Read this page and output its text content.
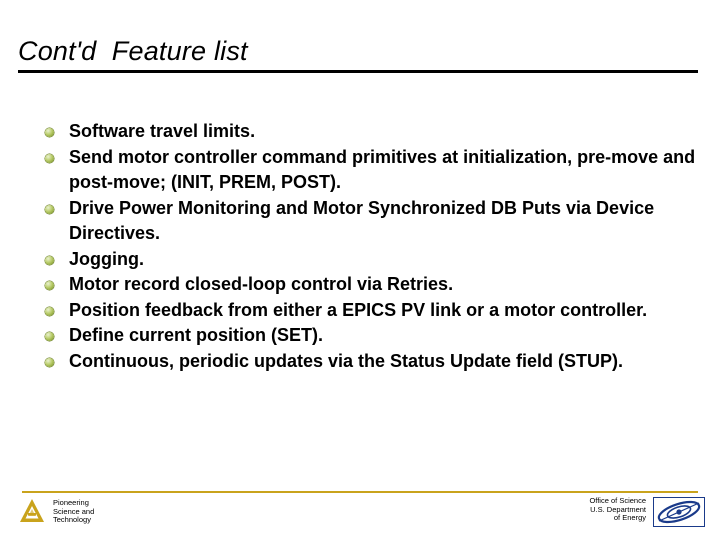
Cont'd  Feature list
Software travel limits.
Send motor controller command primitives at initialization, pre-move and post-move; (INIT, PREM, POST).
Drive Power Monitoring and Motor Synchronized DB Puts via Device Directives.
Jogging.
Motor record closed-loop control via Retries.
Position feedback from either a EPICS PV link or a motor controller.
Define current position (SET).
Continuous, periodic updates via the Status Update field (STUP).
Pioneering
Science and
Technology
Office of Science
U.S. Department
of Energy
